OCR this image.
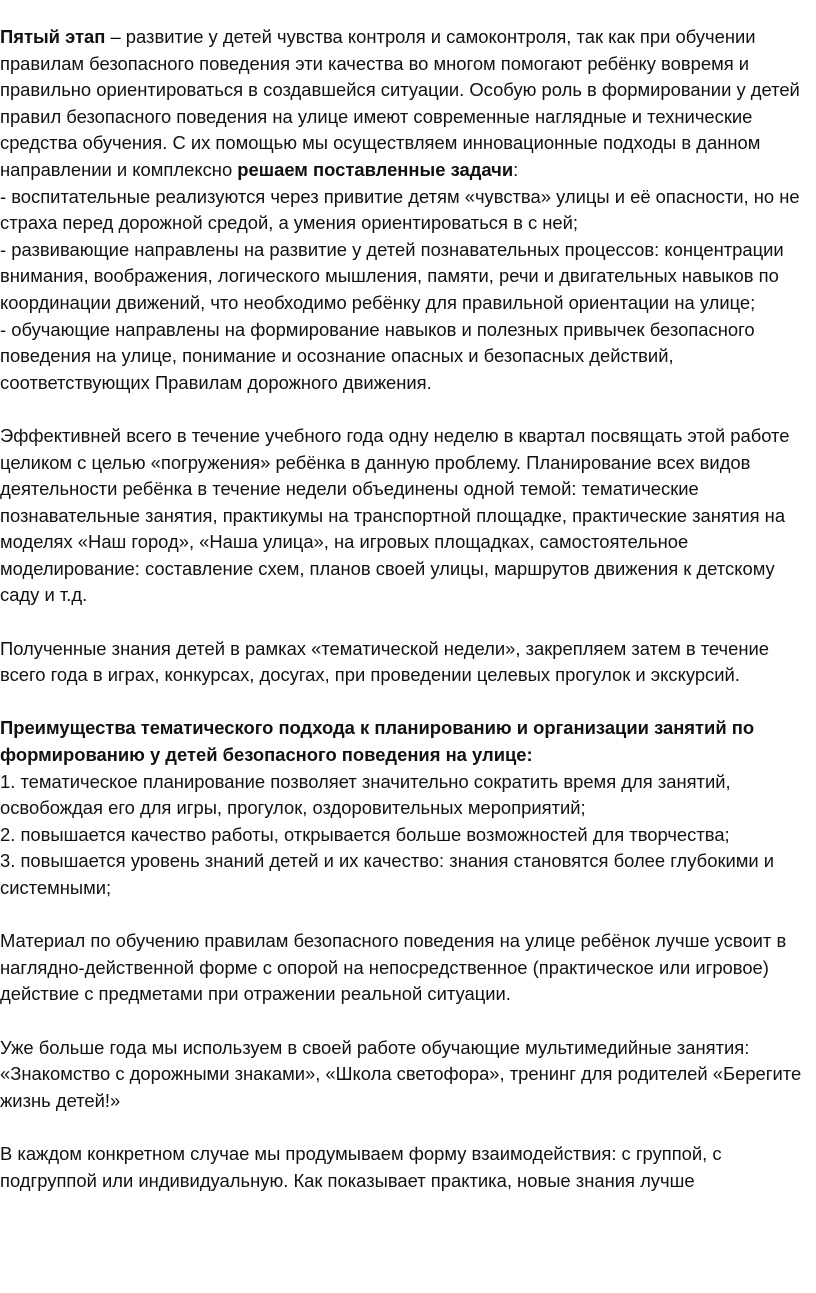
Пятый этап – развитие у детей чувства контроля и самоконтроля, так как при обучении правилам безопасного поведения эти качества во многом помогают ребёнку вовремя и правильно ориентироваться в создавшейся ситуации. Особую роль в формировании у детей правил безопасного поведения на улице имеют современные наглядные и технические средства обучения. С их помощью мы осуществляем инновационные подходы в данном направлении и комплексно решаем поставленные задачи:

- воспитательные реализуются через привитие детям «чувства» улицы и её опасности, но не страха перед дорожной средой, а умения ориентироваться в с ней;

- развивающие направлены на развитие у детей познавательных процессов: концентрации внимания, воображения, логического мышления, памяти, речи и двигательных навыков по координации движений, что необходимо ребёнку для правильной ориентации на улице;

- обучающие направлены на формирование навыков и полезных привычек безопасного поведения на улице, понимание и осознание опасных и безопасных действий, соответствующих Правилам дорожного движения.

Эффективней всего в течение учебного года одну неделю в квартал посвящать этой работе целиком с целью «погружения» ребёнка в данную проблему. Планирование всех видов деятельности ребёнка в течение недели объединены одной темой: тематические познавательные занятия, практикумы на транспортной площадке, практические занятия на моделях «Наш город», «Наша улица», на игровых площадках, самостоятельное моделирование: составление схем, планов своей улицы, маршрутов движения к детскому саду и т.д.

Полученные знания детей в рамках «тематической недели», закрепляем затем в течение всего года в играх, конкурсах, досугах, при проведении целевых прогулок и экскурсий.

Преимущества тематического подхода к планированию и организации занятий по формированию у детей безопасного поведения на улице:

1. тематическое планирование позволяет значительно сократить время для занятий, освобождая его для игры, прогулок, оздоровительных мероприятий;

2. повышается качество работы, открывается больше возможностей для творчества;

3. повышается уровень знаний детей и их качество: знания становятся более глубокими и системными;

Материал по обучению правилам безопасного поведения на улице ребёнок лучше усвоит в наглядно-действенной форме с опорой на непосредственное (практическое или игровое) действие с предметами при отражении реальной ситуации.

Уже больше года мы используем в своей работе обучающие мультимедийные занятия: «Знакомство с дорожными знаками», «Школа светофора», тренинг для родителей «Берегите жизнь детей!»

В каждом конкретном случае мы продумываем форму взаимодействия: с группой, с подгруппой или индивидуальную. Как показывает практика, новые знания лучше
